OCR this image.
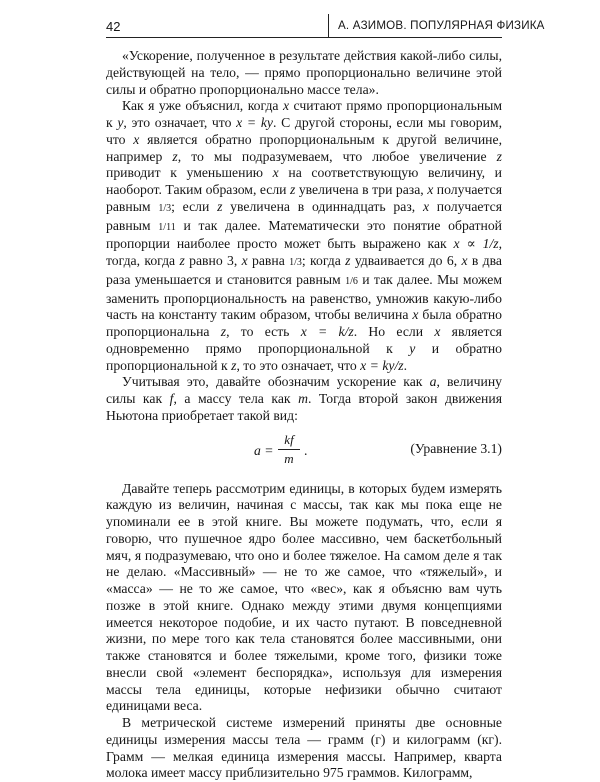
42	А. АЗИМОВ. ПОПУЛЯРНАЯ ФИЗИКА

«Ускорение, полученное в результате действия какой-либо силы, действующей на тело, — прямо пропорционально величине этой силы и обратно пропорционально массе тела».

Как я уже объяснил, когда x считают прямо пропорциональным к y, это означает, что x = ky. С другой стороны, если мы говорим, что x является обратно пропорциональным к другой величине, например z, то мы подразумеваем, что любое увеличение z приводит к уменьшению x на соответствующую величину, и наоборот. Таким образом, если z увеличена в три раза, x получается равным 1/3; если z увеличена в одиннадцать раз, x получается равным 1/11 и так далее. Математически это понятие обратной пропорции наиболее просто может быть выражено как x ∝ 1/z, тогда, когда z равно 3, x равна 1/3; когда z удваивается до 6, x в два раза уменьшается и становится равным 1/6 и так далее. Мы можем заменить пропорциональность на равенство, умножив какую-либо часть на константу таким образом, чтобы величина x была обратно пропорциональна z, то есть x = k/z. Но если x является одновременно прямо пропорциональной к y и обратно пропорциональной к z, то это означает, что x = ky/z.

Учитывая это, давайте обозначим ускорение как a, величину силы как f, а массу тела как m. Тогда второй закон движения Ньютона приобретает такой вид:

a =
kf
m
.	(Уравнение 3.1)

Давайте теперь рассмотрим единицы, в которых будем измерять каждую из величин, начиная с массы, так как мы пока еще не упоминали ее в этой книге. Вы можете подумать, что, если я говорю, что пушечное ядро более массивно, чем баскетбольный мяч, я подразумеваю, что оно и более тяжелое. На самом деле я так не делаю. «Массивный» — не то же самое, что «тяжелый», и «масса» — не то же самое, что «вес», как я объясню вам чуть позже в этой книге. Однако между этими двумя концепциями имеется некоторое подобие, и их часто путают. В повседневной жизни, по мере того как тела становятся более массивными, они также становятся и более тяжелыми, кроме того, физики тоже внесли свой «элемент беспорядка», используя для измерения массы тела единицы, которые нефизики обычно считают единицами веса.

В метрической системе измерений приняты две основные единицы измерения массы тела — грамм (г) и килограмм (кг). Грамм — мелкая единица измерения массы. Например, кварта молока имеет массу приблизительно 975 граммов. Килограмм,
